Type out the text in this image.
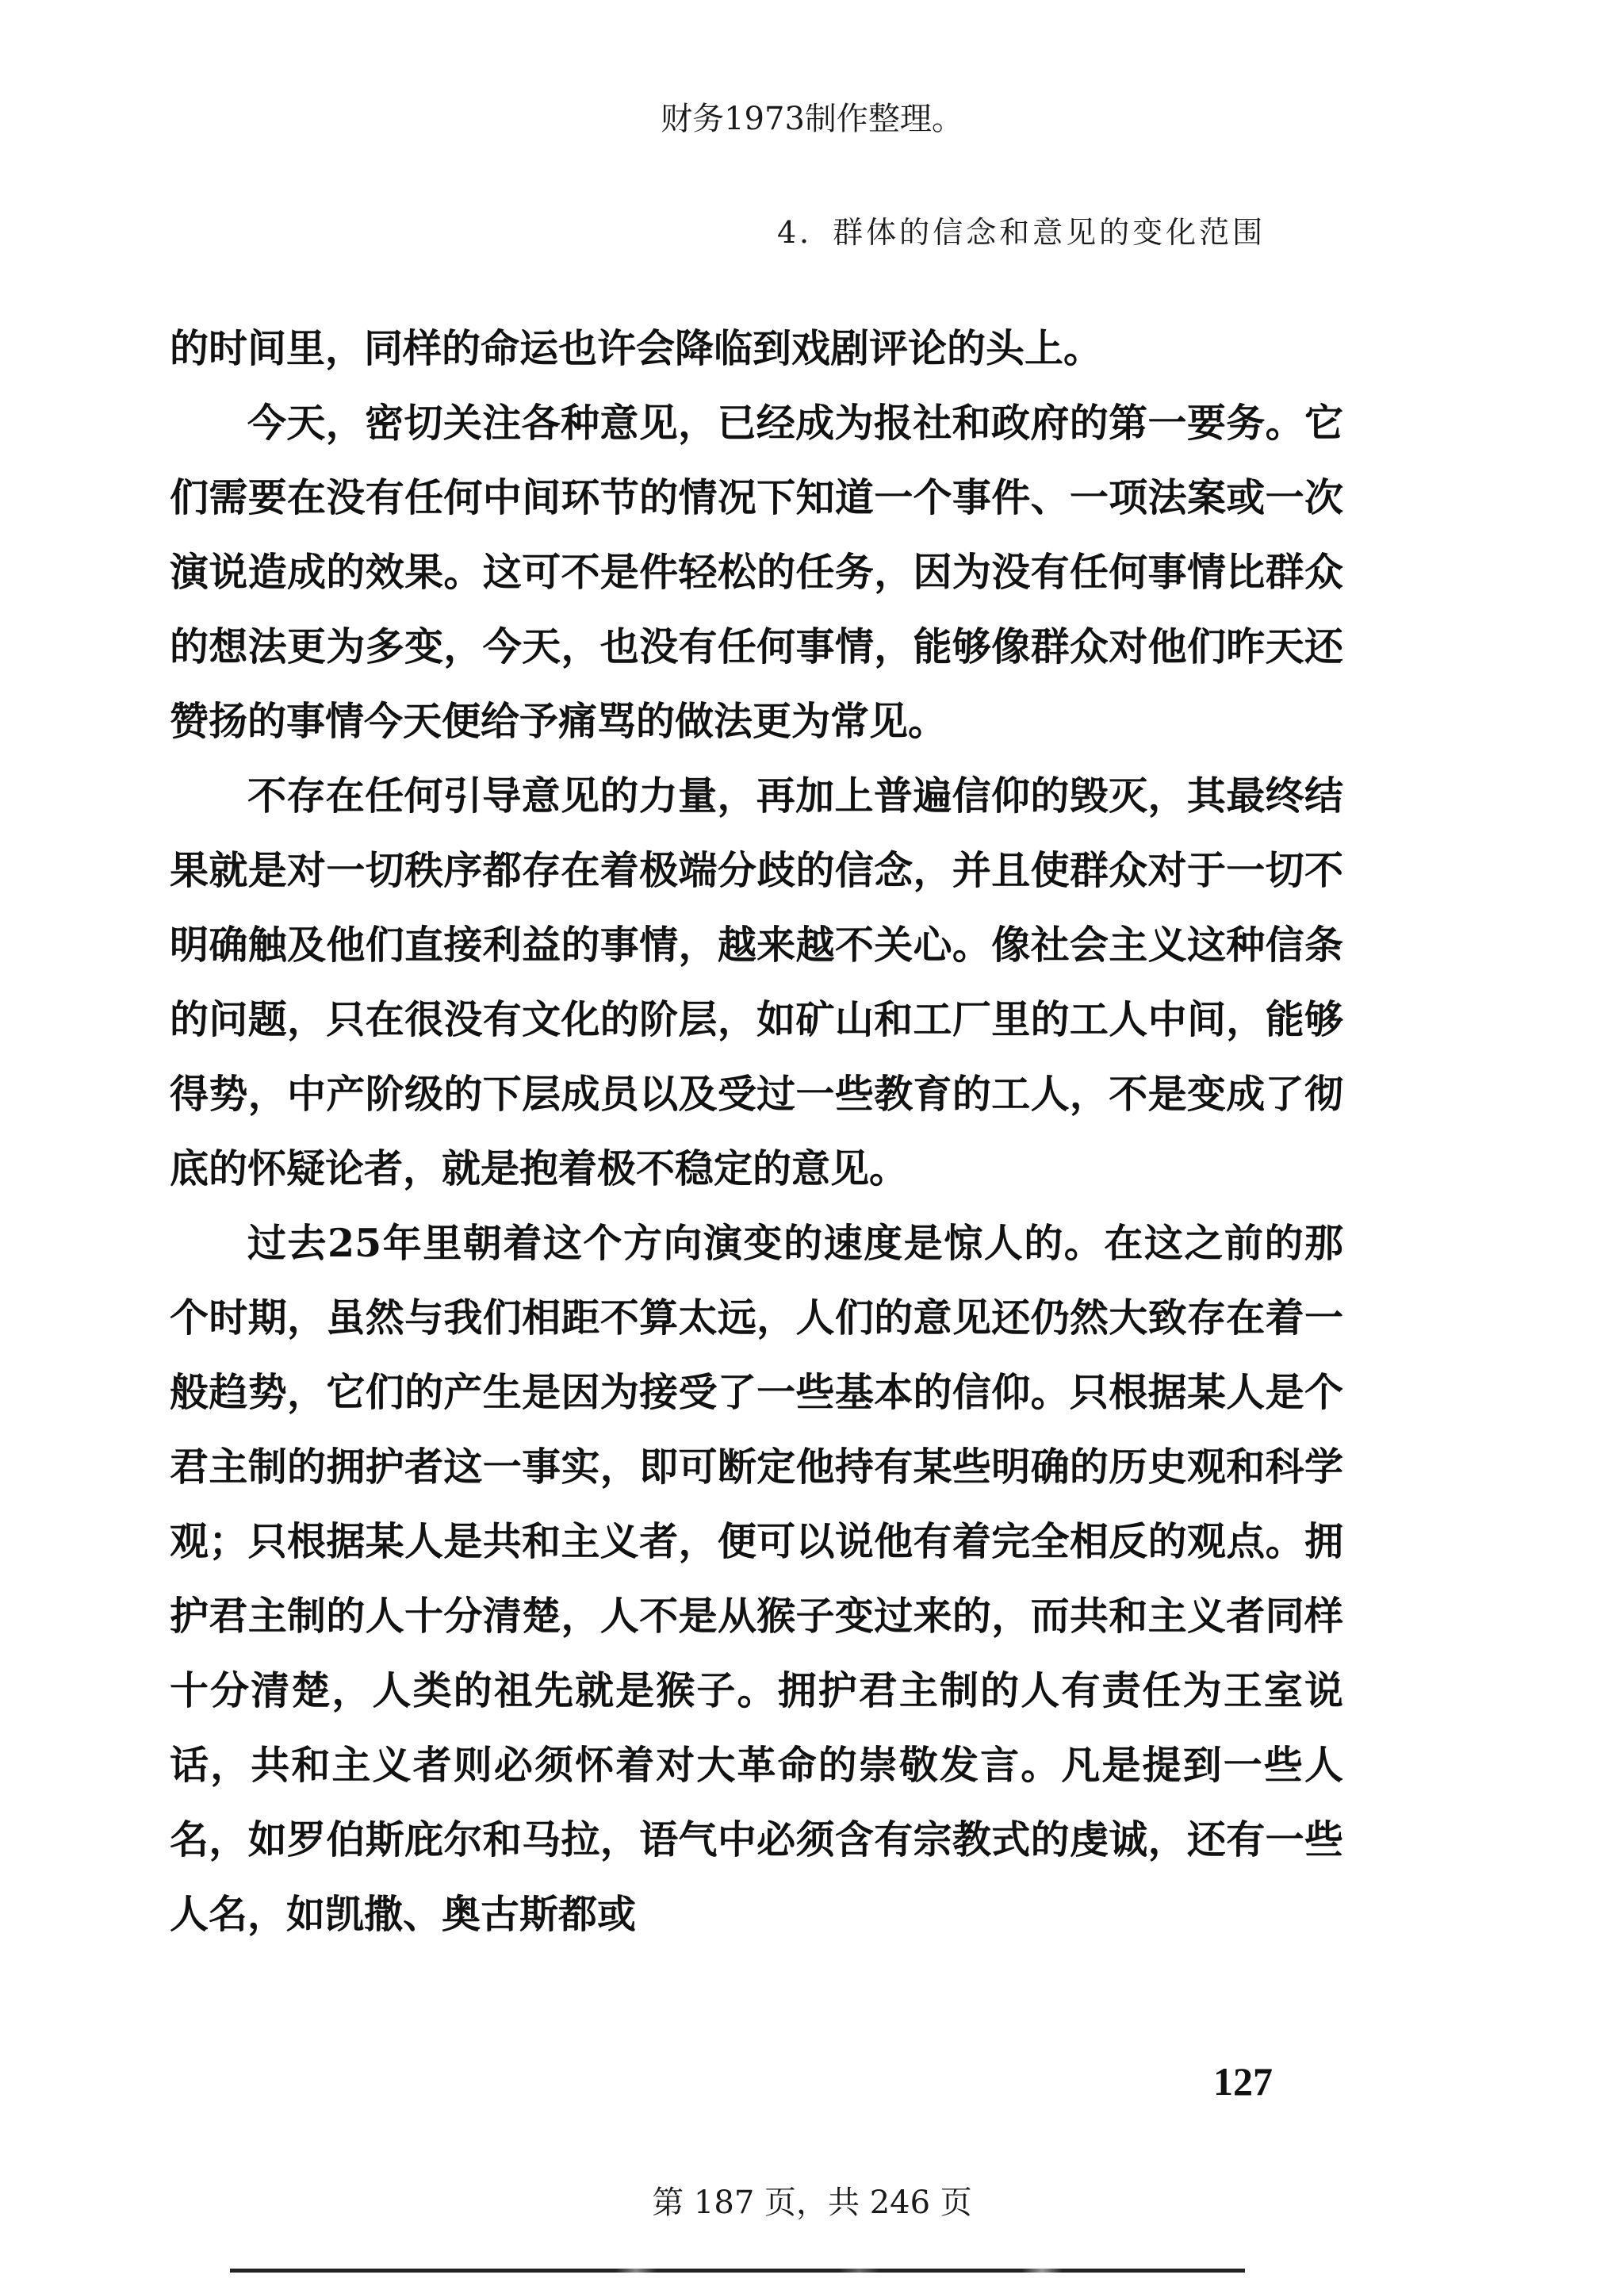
财务1973制作整理。
4．群体的信念和意见的变化范围

的时间里，同样的命运也许会降临到戏剧评论的头上。

今天，密切关注各种意见，已经成为报社和政府的第一要务。它们需要在没有任何中间环节的情况下知道一个事件、一项法案或一次演说造成的效果。这可不是件轻松的任务，因为没有任何事情比群众的想法更为多变，今天，也没有任何事情，能够像群众对他们昨天还赞扬的事情今天便给予痛骂的做法更为常见。

不存在任何引导意见的力量，再加上普遍信仰的毁灭，其最终结果就是对一切秩序都存在着极端分歧的信念，并且使群众对于一切不明确触及他们直接利益的事情，越来越不关心。像社会主义这种信条的问题，只在很没有文化的阶层，如矿山和工厂里的工人中间，能够得势，中产阶级的下层成员以及受过一些教育的工人，不是变成了彻底的怀疑论者，就是抱着极不稳定的意见。

过去25年里朝着这个方向演变的速度是惊人的。在这之前的那个时期，虽然与我们相距不算太远，人们的意见还仍然大致存在着一般趋势，它们的产生是因为接受了一些基本的信仰。只根据某人是个君主制的拥护者这一事实，即可断定他持有某些明确的历史观和科学观；只根据某人是共和主义者，便可以说他有着完全相反的观点。拥护君主制的人十分清楚，人不是从猴子变过来的，而共和主义者同样十分清楚，人类的祖先就是猴子。拥护君主制的人有责任为王室说话，共和主义者则必须怀着对大革命的崇敬发言。凡是提到一些人名，如罗伯斯庇尔和马拉，语气中必须含有宗教式的虔诚，还有一些人名，如凯撒、奥古斯都或

127
第 187 页，共 246 页
